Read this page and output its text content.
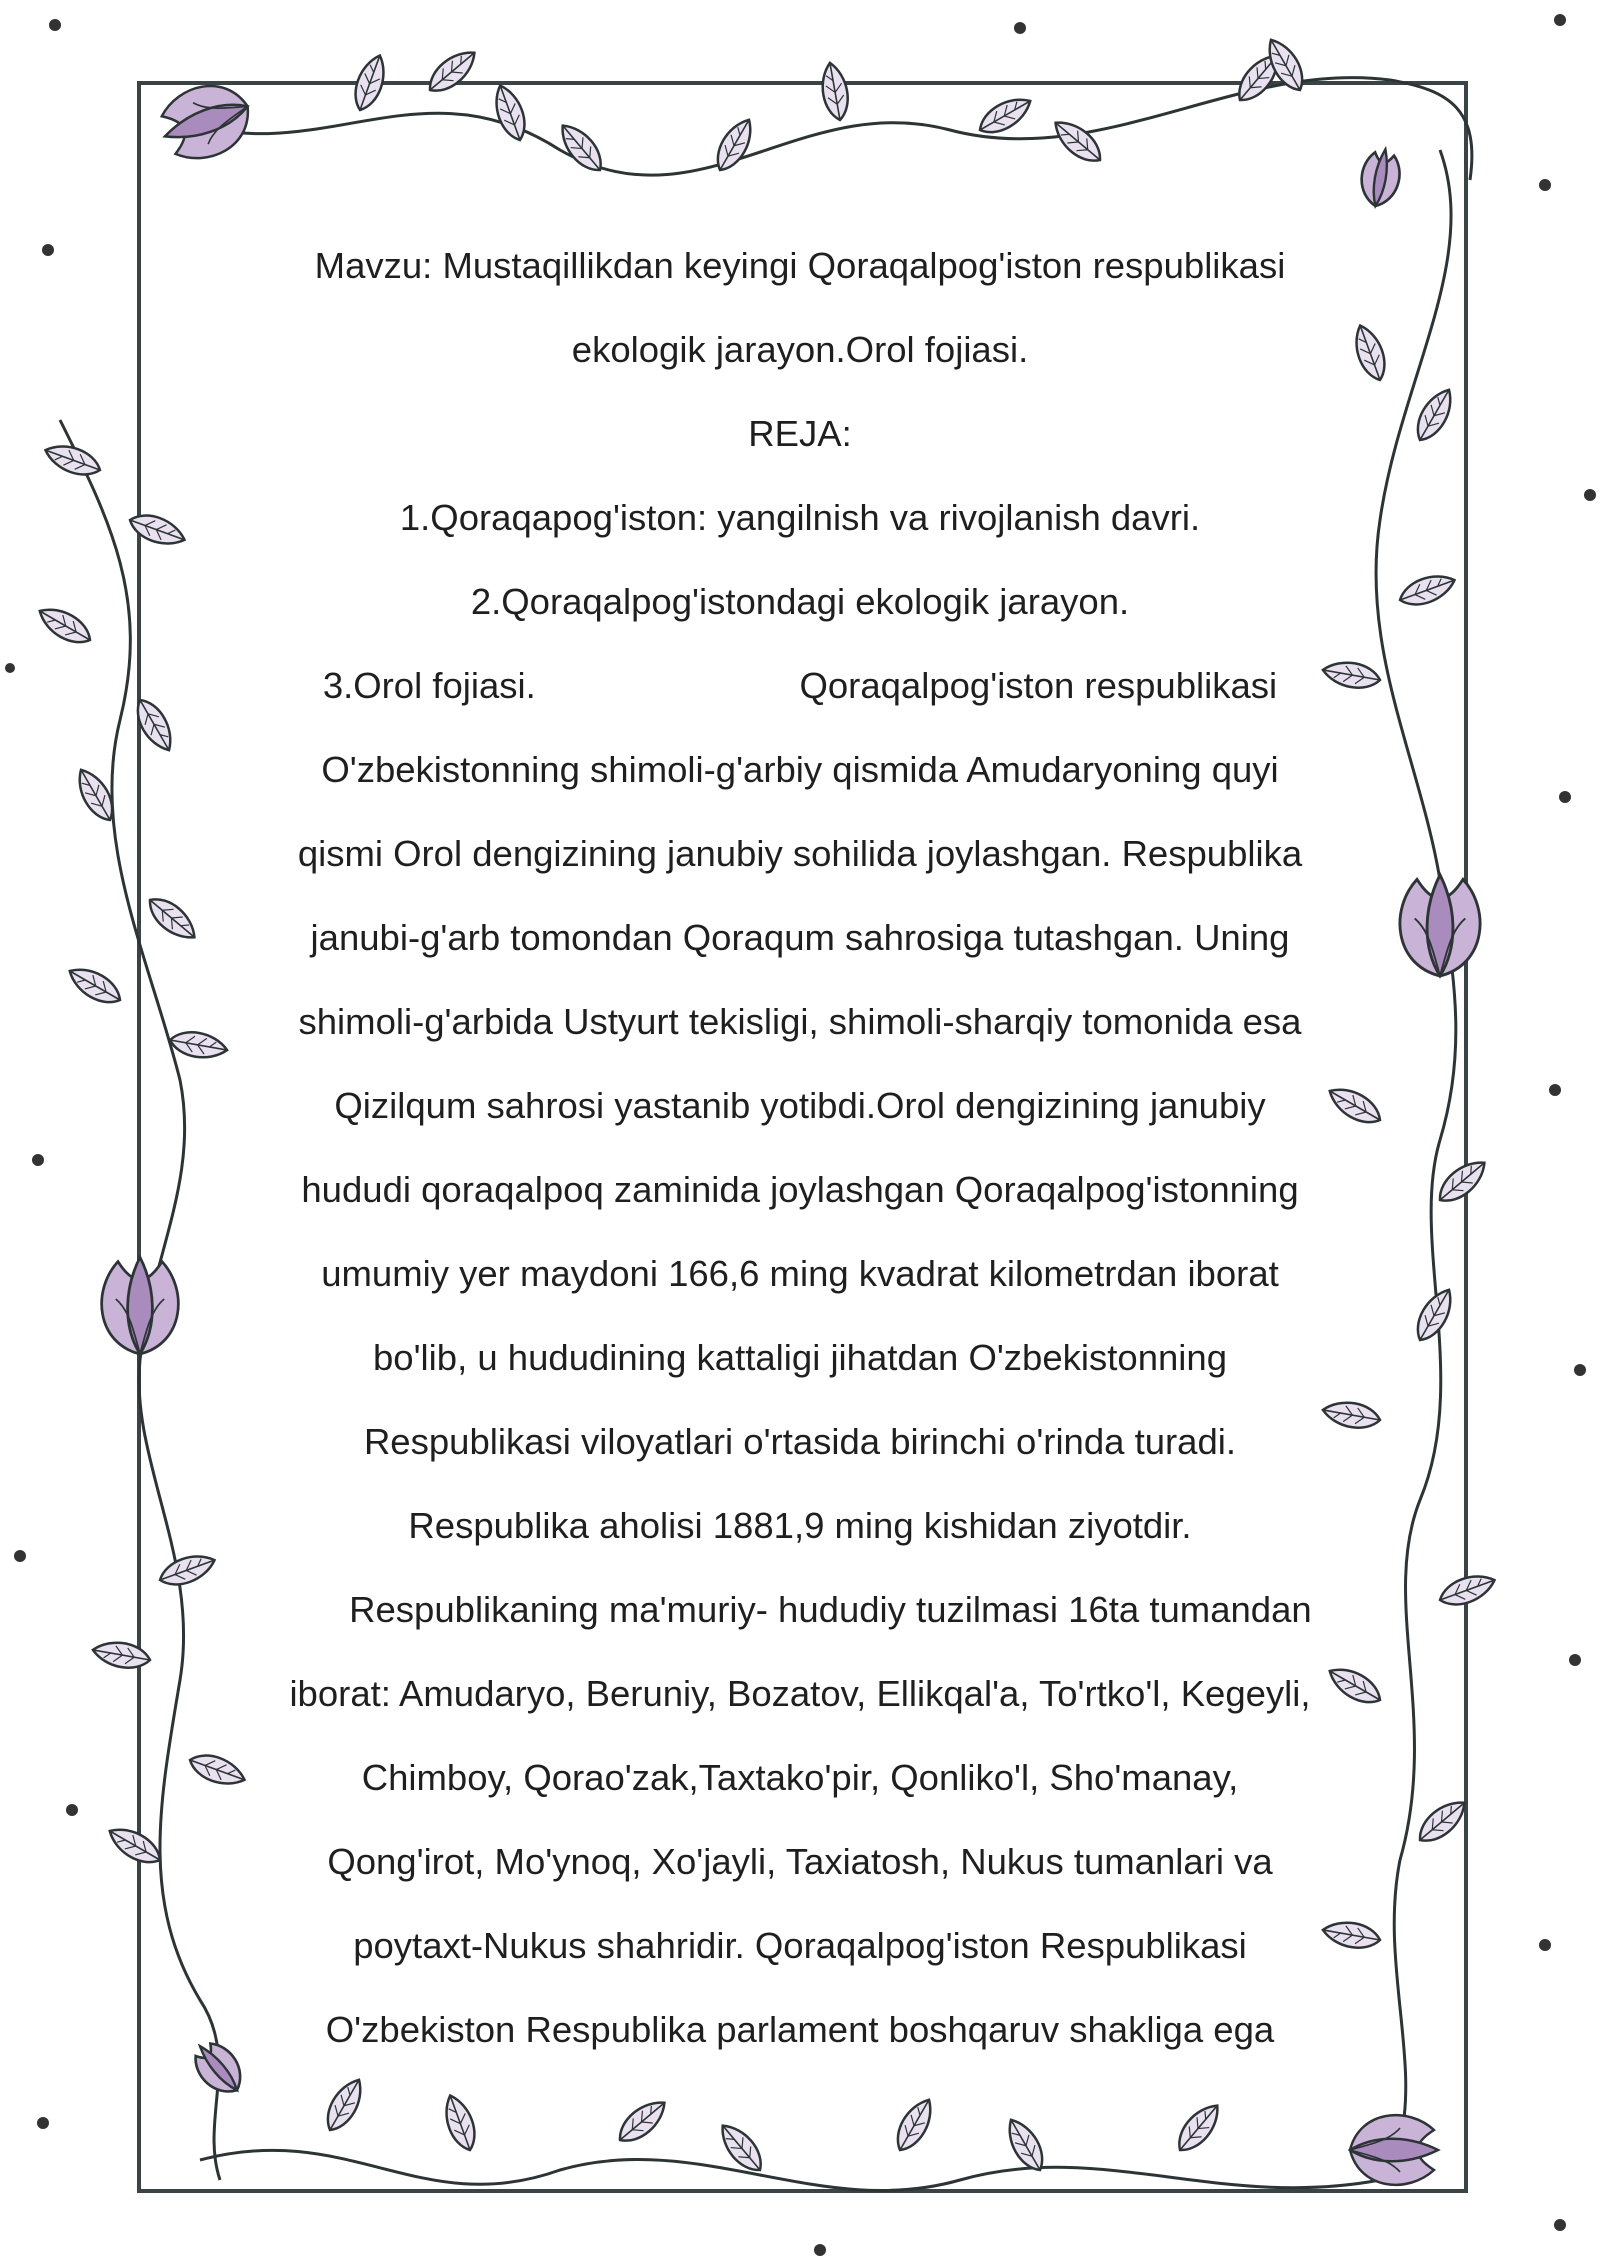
Mavzu: Mustaqillikdan keyingi Qoraqalpog'iston respublikasi
ekologik jarayon.Orol fojiasi.
REJA:
1.Qoraqapog'iston: yangilnish va rivojlanish davri.
2.Qoraqalpog'istondagi ekologik jarayon.
3.Orol fojiasi.                          Qoraqalpog'iston respublikasi
O'zbekistonning shimoli-g'arbiy qismida Amudaryoning quyi
qismi Orol dengizining janubiy sohilida joylashgan. Respublika
janubi-g'arb tomondan Qoraqum sahrosiga tutashgan. Uning
shimoli-g'arbida Ustyurt tekisligi, shimoli-sharqiy tomonida esa
Qizilqum sahrosi yastanib yotibdi.Orol dengizining janubiy
hududi qoraqalpoq zaminida joylashgan Qoraqalpog'istonning
umumiy yer maydoni 166,6 ming kvadrat kilometrdan iborat
bo'lib, u hududining kattaligi jihatdan O'zbekistonning
Respublikasi viloyatlari o'rtasida birinchi o'rinda turadi.
Respublika aholisi 1881,9 ming kishidan ziyotdir.
Respublikaning ma'muriy- hududiy tuzilmasi 16ta tumandan
iborat: Amudaryo, Beruniy, Bozatov, Ellikqal'a, To'rtko'l, Kegeyli,
Chimboy, Qorao'zak,Taxtako'pir, Qonliko'l, Sho'manay,
Qong'irot, Mo'ynoq, Xo'jayli, Taxiatosh, Nukus tumanlari va
poytaxt-Nukus shahridir. Qoraqalpog'iston Respublikasi
O'zbekiston Respublika parlament boshqaruv shakliga ega
